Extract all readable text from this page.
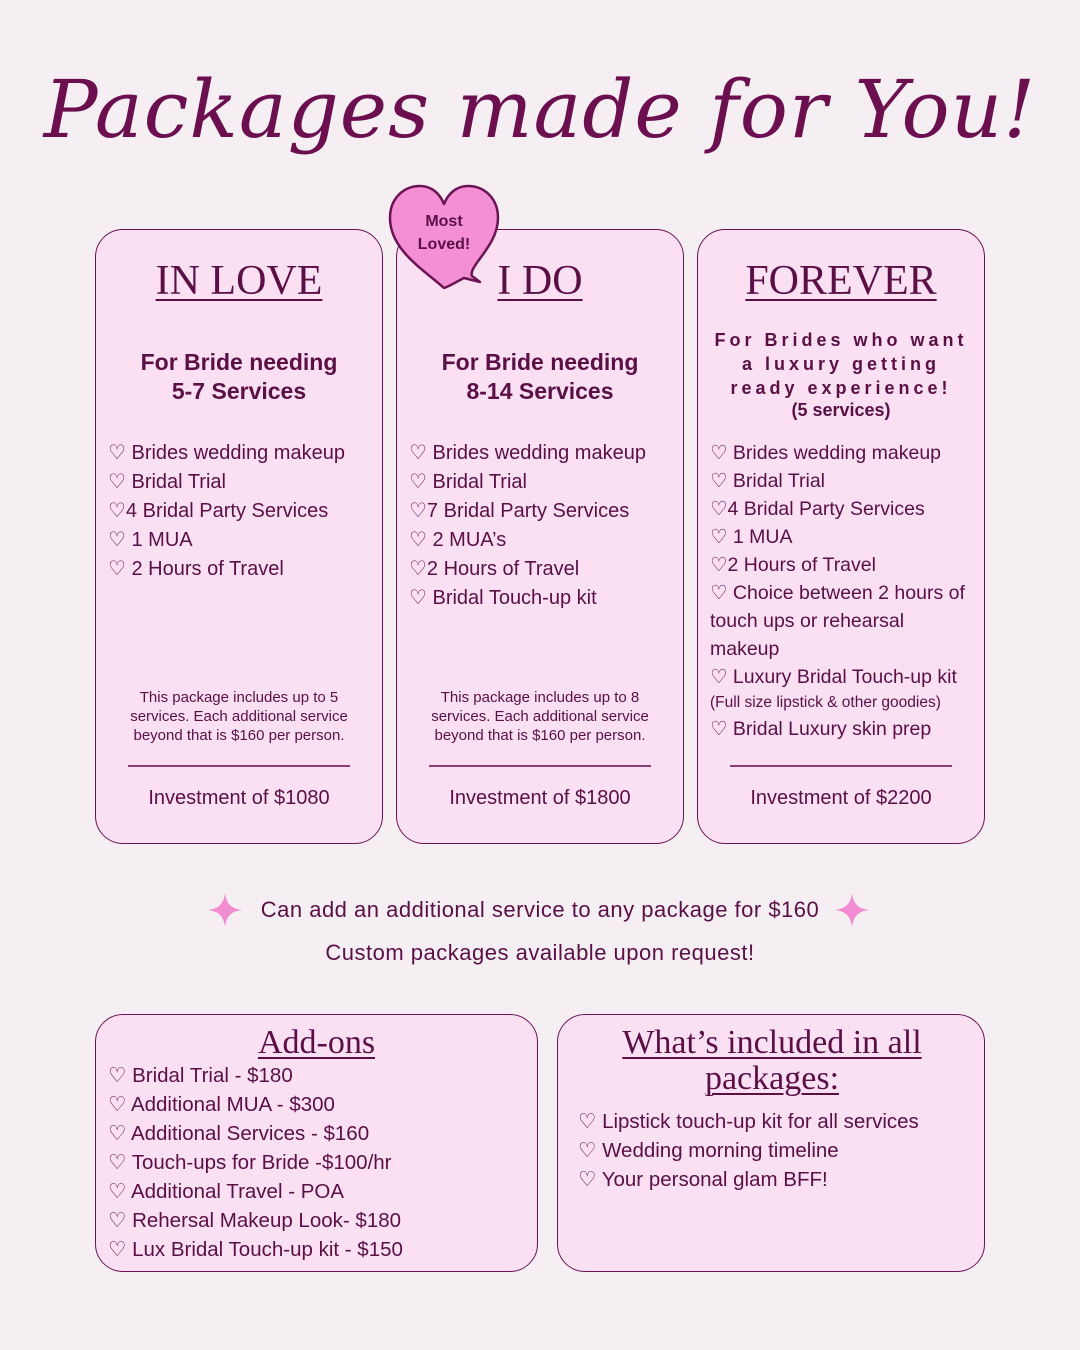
Packages made for You!
IN LOVE
For Bride needing
5-7 Services
♡ Brides wedding makeup
♡ Bridal Trial
♡4 Bridal Party Services
♡ 1 MUA
♡ 2 Hours of Travel
This package includes up to 5 services. Each additional service beyond that is $160 per person.
Investment of $1080
I DO
For Bride needing
8-14 Services
♡ Brides wedding makeup
♡ Bridal Trial
♡7 Bridal Party Services
♡ 2 MUA’s
♡2 Hours of Travel
♡ Bridal Touch-up kit
This package includes up to 8 services. Each additional service beyond that is $160 per person.
Investment of $1800
FOREVER
For Brides who want
a luxury getting
ready experience!
(5 services)
♡ Brides wedding makeup
♡ Bridal Trial
♡4 Bridal Party Services
♡ 1 MUA
♡2 Hours of Travel
♡ Choice between 2 hours of touch ups or rehearsal makeup
♡ Luxury Bridal Touch-up kit
(Full size lipstick & other goodies)
♡ Bridal Luxury skin prep
Investment of $2200
Most
Loved!
Can add an additional service to any package for $160
Custom packages available upon request!
Add-ons
♡ Bridal Trial - $180
♡ Additional MUA - $300
♡ Additional Services - $160
♡ Touch-ups for Bride -$100/hr
♡ Additional Travel - POA
♡ Rehersal Makeup Look- $180
♡ Lux Bridal Touch-up kit - $150
What’s included in all packages:
♡ Lipstick touch-up kit for all services
♡ Wedding morning timeline
♡ Your personal glam BFF!
